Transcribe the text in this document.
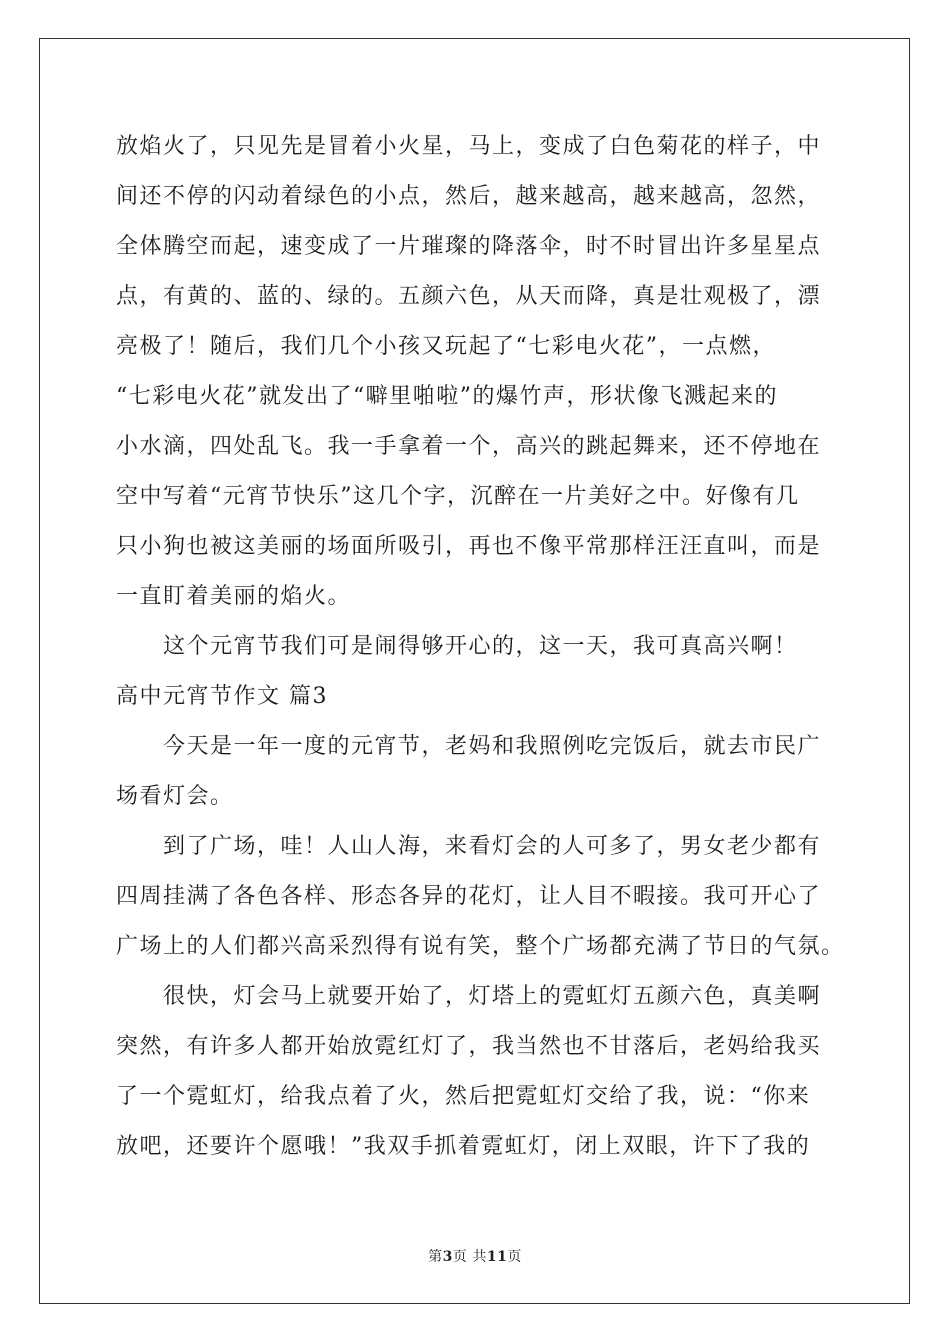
放焰火了，只见先是冒着小火星，马上，变成了白色菊花的样子，中
间还不停的闪动着绿色的小点，然后，越来越高，越来越高，忽然，
全体腾空而起，速变成了一片璀璨的降落伞，时不时冒出许多星星点
点，有黄的、蓝的、绿的。五颜六色，从天而降，真是壮观极了，漂
亮极了！随后，我们几个小孩又玩起了“七彩电火花”，一点燃，
“七彩电火花”就发出了“噼里啪啦”的爆竹声，形状像飞溅起来的
小水滴，四处乱飞。我一手拿着一个，高兴的跳起舞来，还不停地在
空中写着“元宵节快乐”这几个字，沉醉在一片美好之中。好像有几
只小狗也被这美丽的场面所吸引，再也不像平常那样汪汪直叫，而是
一直盯着美丽的焰火。
这个元宵节我们可是闹得够开心的，这一天，我可真高兴啊！
高中元宵节作文 篇3
今天是一年一度的元宵节，老妈和我照例吃完饭后，就去市民广
场看灯会。
到了广场，哇！人山人海，来看灯会的人可多了，男女老少都有
四周挂满了各色各样、形态各异的花灯，让人目不暇接。我可开心了
广场上的人们都兴高采烈得有说有笑，整个广场都充满了节日的气氛。
很快，灯会马上就要开始了，灯塔上的霓虹灯五颜六色，真美啊
突然，有许多人都开始放霓红灯了，我当然也不甘落后，老妈给我买
了一个霓虹灯，给我点着了火，然后把霓虹灯交给了我，说：“你来
放吧，还要许个愿哦！”我双手抓着霓虹灯，闭上双眼，许下了我的
第3页 共11页
